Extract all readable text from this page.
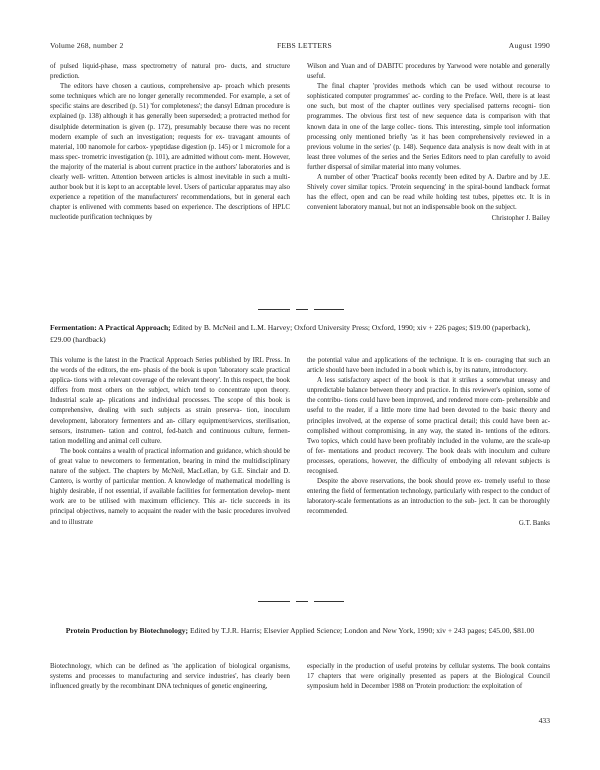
Volume 268, number 2	FEBS LETTERS	August 1990

of pulsed liquid-phase, mass spectrometry of natural pro- ducts, and structure prediction.

The editors have chosen a cautious, comprehensive ap- proach which presents some techniques which are no longer generally recommended. For example, a set of specific stains are described (p. 51) 'for completeness'; the dansyl Edman procedure is explained (p. 138) although it has generally been superseded; a protracted method for disulphide determination is given (p. 172), presumably because there was no recent modern example of such an investigation; requests for ex- travagant amounts of material, 100 nanomole for carbox- ypeptidase digestion (p. 145) or 1 micromole for a mass spec- trometric investigation (p. 101), are admitted without com- ment. However, the majority of the material is about current practice in the authors' laboratories and is clearly well- written. Attention between articles is almost inevitable in such a multi-author book but it is kept to an acceptable level. Users of particular apparatus may also experience a repetition of the manufacturers' recommendations, but in general each chapter is enlivened with comments based on experience. The descriptions of HPLC nucleotide purification techniques by

Wilson and Yuan and of DABITC procedures by Yarwood were notable and generally useful.

The final chapter 'provides methods which can be used without recourse to sophisticated computer programmes' ac- cording to the Preface. Well, there is at least one such, but most of the chapter outlines very specialised patterns recogni- tion programmes. The obvious first test of new sequence data is comparison with that known data in one of the large collec- tions. This interesting, simple tool information processing only mentioned briefly 'as it has been comprehensively reviewed in a previous volume in the series' (p. 148). Sequence data analysis is now dealt with in at least three volumes of the series and the Series Editors need to plan carefully to avoid further dispersal of similar material into many volumes.

A number of other 'Practical' books recently been edited by A. Darbre and by J.E. Shively cover similar topics. 'Protein sequencing' in the spiral-bound landback format has the effect, open and can be read while holding test tubes, pipettes etc. It is in convenient laboratory manual, but not an indispensable book on the subject.

Christopher J. Bailey

Fermentation: A Practical Approach; Edited by B. McNeil and L.M. Harvey; Oxford University Press; Oxford, 1990; xiv + 226 pages; $19.00 (paperback), £29.00 (hardback)

This volume is the latest in the Practical Approach Series published by IRL Press. In the words of the editors, the em- phasis of the book is upon 'laboratory scale practical applica- tions with a relevant coverage of the relevant theory'. In this respect, the book differs from most others on the subject, which tend to concentrate upon theory. Industrial scale ap- plications and individual processes. The scope of this book is comprehensive, dealing with such subjects as strain preserva- tion, inoculum development, laboratory fermenters and an- cillary equipment/services, sterilisation, sensors, instrumen- tation and control, fed-batch and continuous culture, fermen- tation modelling and animal cell culture.

The book contains a wealth of practical information and guidance, which should be of great value to newcomers to fermentation, bearing in mind the multidisciplinary nature of the subject. The chapters by McNeil, MacLellan, by G.E. Sinclair and D. Cantero, is worthy of particular mention. A knowledge of mathematical modelling is highly desirable, if not essential, if available facilities for fermentation develop- ment work are to be utilised with maximum efficiency. This ar- ticle succeeds in its principal objectives, namely to acquaint the reader with the basic procedures involved and to illustrate

the potential value and applications of the technique. It is en- couraging that such an article should have been included in a book which is, by its nature, introductory.

A less satisfactory aspect of the book is that it strikes a somewhat uneasy and unpredictable balance between theory and practice. In this reviewer's opinion, some of the contribu- tions could have been improved, and rendered more com- prehensible and useful to the reader, if a little more time had been devoted to the basic theory and principles involved, at the expense of some practical detail; this could have been ac- complished without compromising, in any way, the stated in- tentions of the editors. Two topics, which could have been profitably included in the volume, are the scale-up of fer- mentations and product recovery. The book deals with inoculum and culture processes, operations, however, the difficulty of embodying all relevant subjects is recognised.

Despite the above reservations, the book should prove ex- tremely useful to those entering the field of fermentation technology, particularly with respect to the conduct of laboratory-scale fermentations as an introduction to the sub- ject. It can be thoroughly recommended.

G.T. Banks

Protein Production by Biotechnology; Edited by T.J.R. Harris; Elsevier Applied Science; London and New York, 1990; xiv + 243 pages; £45.00, $81.00

Biotechnology, which can be defined as 'the application of biological organisms, systems and processes to manufacturing and service industries', has clearly been influenced greatly by the recombinant DNA techniques of genetic engineering,

especially in the production of useful proteins by cellular systems. The book contains 17 chapters that were originally presented as papers at the Biological Council symposium held in December 1988 on 'Protein production: the exploitation of

433
